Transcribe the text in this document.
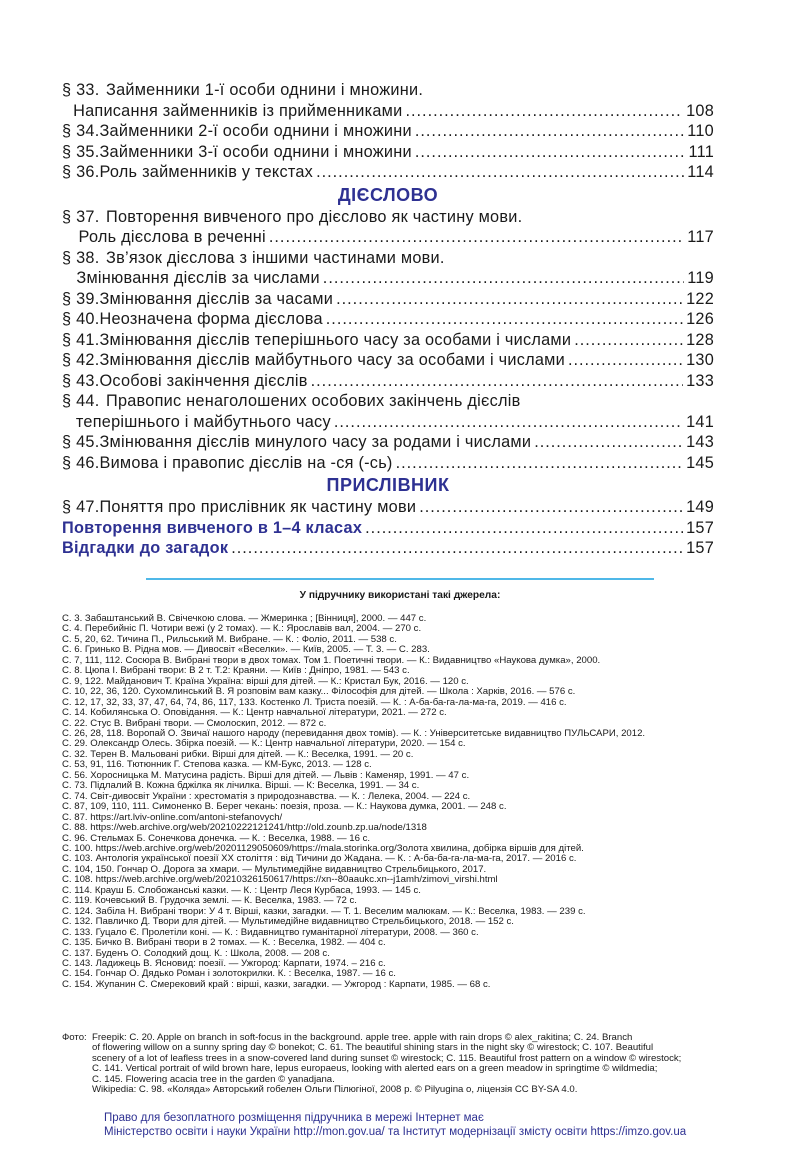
§ 33. Займенники 1-ї особи однини і множини.
Написання займенників із прийменниками .....	108
§ 34. Займенники 2-ї особи однини і множини .....	110
§ 35. Займенники 3-ї особи однини і множини .....	111
§ 36. Роль займенників у текстах .....	114
ДІЄСЛОВО
§ 37. Повторення вивченого про дієслово як частину мови.
Роль дієслова в реченні .....	117
§ 38. Зв’язок дієслова з іншими частинами мови.
Змінювання дієслів за числами .....	119
§ 39. Змінювання дієслів за часами .....	122
§ 40. Неозначена форма дієслова .....	126
§ 41. Змінювання дієслів теперішнього часу за особами і числами .....	128
§ 42. Змінювання дієслів майбутнього часу за особами і числами .....	130
§ 43. Особові закінчення дієслів .....	133
§ 44. Правопис ненаголошених особових закінчень дієслів
теперішнього і майбутнього часу .....	141
§ 45. Змінювання дієслів минулого часу за родами і числами .....	143
§ 46. Вимова і правопис дієслів на -ся (-сь) .....	145
ПРИСЛІВНИК
§ 47. Поняття про прислівник як частину мови .....	149
Повторення вивченого в 1–4 класах .....	157
Відгадки до загадок .....	157
У підручнику використані такі джерела:
С. 3. Забаштанський В. Свічечкою слова. — Жмеринка ; [Вінниця], 2000. — 447 с.
С. 4. Перебийніс П. Чотири вежі (у 2 томах). — К.: Ярославів вал, 2004. — 270 с.
С. 5, 20, 62. Тичина П., Рильський М. Вибране. — К. : Фоліо, 2011. — 538 с.
С. 6. Гринько В. Рідна мов. — Дивосвіт «Веселки». — Київ, 2005. — Т. 3. — С. 283.
С. 7, 111, 112. Сосюра В. Вибрані твори в двох томах. Том 1. Поетичні твори. — К.: Видавництво «Наукова думка», 2000.
С. 8. Цюпа І. Вибрані твори: В 2 т. Т.2: Краяни. — Київ : Дніпро, 1981. — 543 с.
С. 9, 122. Майданович Т. Країна Україна: вірші для дітей. — К.: Кристал Бук, 2016. — 120 с.
С. 10, 22, 36, 120. Сухомлинський В. Я розповім вам казку... Філософія для дітей. — Школа : Харків, 2016. — 576 с.
С. 12, 17, 32, 33, 37, 47, 64, 74, 86, 117, 133. Костенко Л. Триста поезій. — К. : А-ба-ба-га-ла-ма-га, 2019. — 416 с.
С. 14. Кобилянська О. Оповідання. — К.: Центр навчальної літератури, 2021. — 272 с.
С. 22. Стус В. Вибрані твори. — Смолоскип, 2012. — 872 с.
С. 26, 28, 118. Воропай О. Звичаї нашого народу (перевидання двох томів). — К. : Університетське видавництво ПУЛЬСАРИ, 2012.
С. 29. Олександр Олесь. Збірка поезій. — К.: Центр навчальної літератури, 2020. — 154 с.
С. 32. Терен В. Мальовані рибки. Вірші для дітей. — К.: Веселка, 1991. — 20 с.
С. 53, 91, 116. Тютюнник Г. Степова казка. — КМ-Букс, 2013. — 128 с.
С. 56. Хоросницька М. Матусина радість. Вірші для дітей. — Львів : Каменяр, 1991. — 47 с.
С. 73. Підлалий В. Кожна бджілка як лічилка. Вірші. — К: Веселка, 1991. — 34 с.
С. 74. Світ-дивосвіт України : хрестоматія з природознавства. — К. : Лелека, 2004. — 224 с.
С. 87, 109, 110, 111. Симоненко В. Берег чекань: поезія, проза. — К.: Наукова думка, 2001. — 248 с.
С. 87. https://art.lviv-online.com/antoni-stefanovych/
С. 88. https://web.archive.org/web/20210222121241/http://old.zounb.zp.ua/node/1318
С. 96. Стельмах Б. Сонечкова донечка. — К. : Веселка, 1988. — 16 с.
С. 100. https://web.archive.org/web/20201129050609/https://mala.storinka.org/Золота хвилина, добірка віршів для дітей.
С. 103. Антологія української поезії ХХ століття : від Тичини до Жадана. — К. : А-ба-ба-га-ла-ма-га, 2017. — 2016 с.
С. 104, 150. Гончар О. Дорога за хмари. — Мультимедійне видавництво Стрельбицького, 2017.
С. 108. https://web.archive.org/web/20210326150617/https://xn--80aaukc.xn--j1amh/zimovi_virshi.html
С. 114. Крауш Б. Слобожанські казки. — К. : Центр Леся Курбаса, 1993. — 145 с.
С. 119. Кочевський В. Грудочка землі. — К. Веселка, 1983. — 72 с.
С. 124. Забіла Н. Вибрані твори: У 4 т. Вірші, казки, загадки. — Т. 1. Веселим малюкам. — К.: Веселка, 1983. — 239 с.
С. 132. Павличко Д. Твори для дітей. — Мультимедійне видавництво Стрельбицького, 2018. — 152 с.
С. 133. Гуцало Є. Пролетіли коні. — К. : Видавництво гуманітарної літератури, 2008. — 360 с.
С. 135. Бичко В. Вибрані твори в 2 томах. — К. : Веселка, 1982. — 404 с.
С. 137. Буденъ О. Солодкий дощ. К. : Школа, 2008. — 208 с.
С. 143. Ладижець В. Ясновид: поезії. — Ужгород: Карпати, 1974. – 216 с.
С. 154. Гончар О. Дядько Роман і золотокрилки. К. : Веселка, 1987. — 16 с.
С. 154. Жупанин С. Смерековий край : вірші, казки, загадки. — Ужгород : Карпати, 1985. — 68 с.
Фото: Freepik: C. 20. Apple on branch in soft-focus in the background. apple tree. apple with rain drops © alex_rakitina; C. 24. Branch
of flowering willow on a sunny spring day © bonekot; C. 61. The beautiful shining stars in the night sky © wirestock; C. 107. Beautiful
scenery of a lot of leafless trees in a snow-covered land during sunset © wirestock; C. 115. Beautiful frost pattern on a window © wirestock;
C. 141. Vertical portrait of wild brown hare, lepus europaeus, looking with alerted ears on a green meadow in springtime © wildmedia;
C. 145. Flowering acacia tree in the garden © yanadjana.
Wikipedia: C. 98. «Коляда» Авторський гобелен Ольги Пілюгіної, 2008 р. © Pilyugina o, ліцензія CC BY-SA 4.0.
Право для безоплатного розміщення підручника в мережі Інтернет має
Міністерство освіти і науки України http://mon.gov.ua/ та Інститут модернізації змісту освіти https://imzo.gov.ua
